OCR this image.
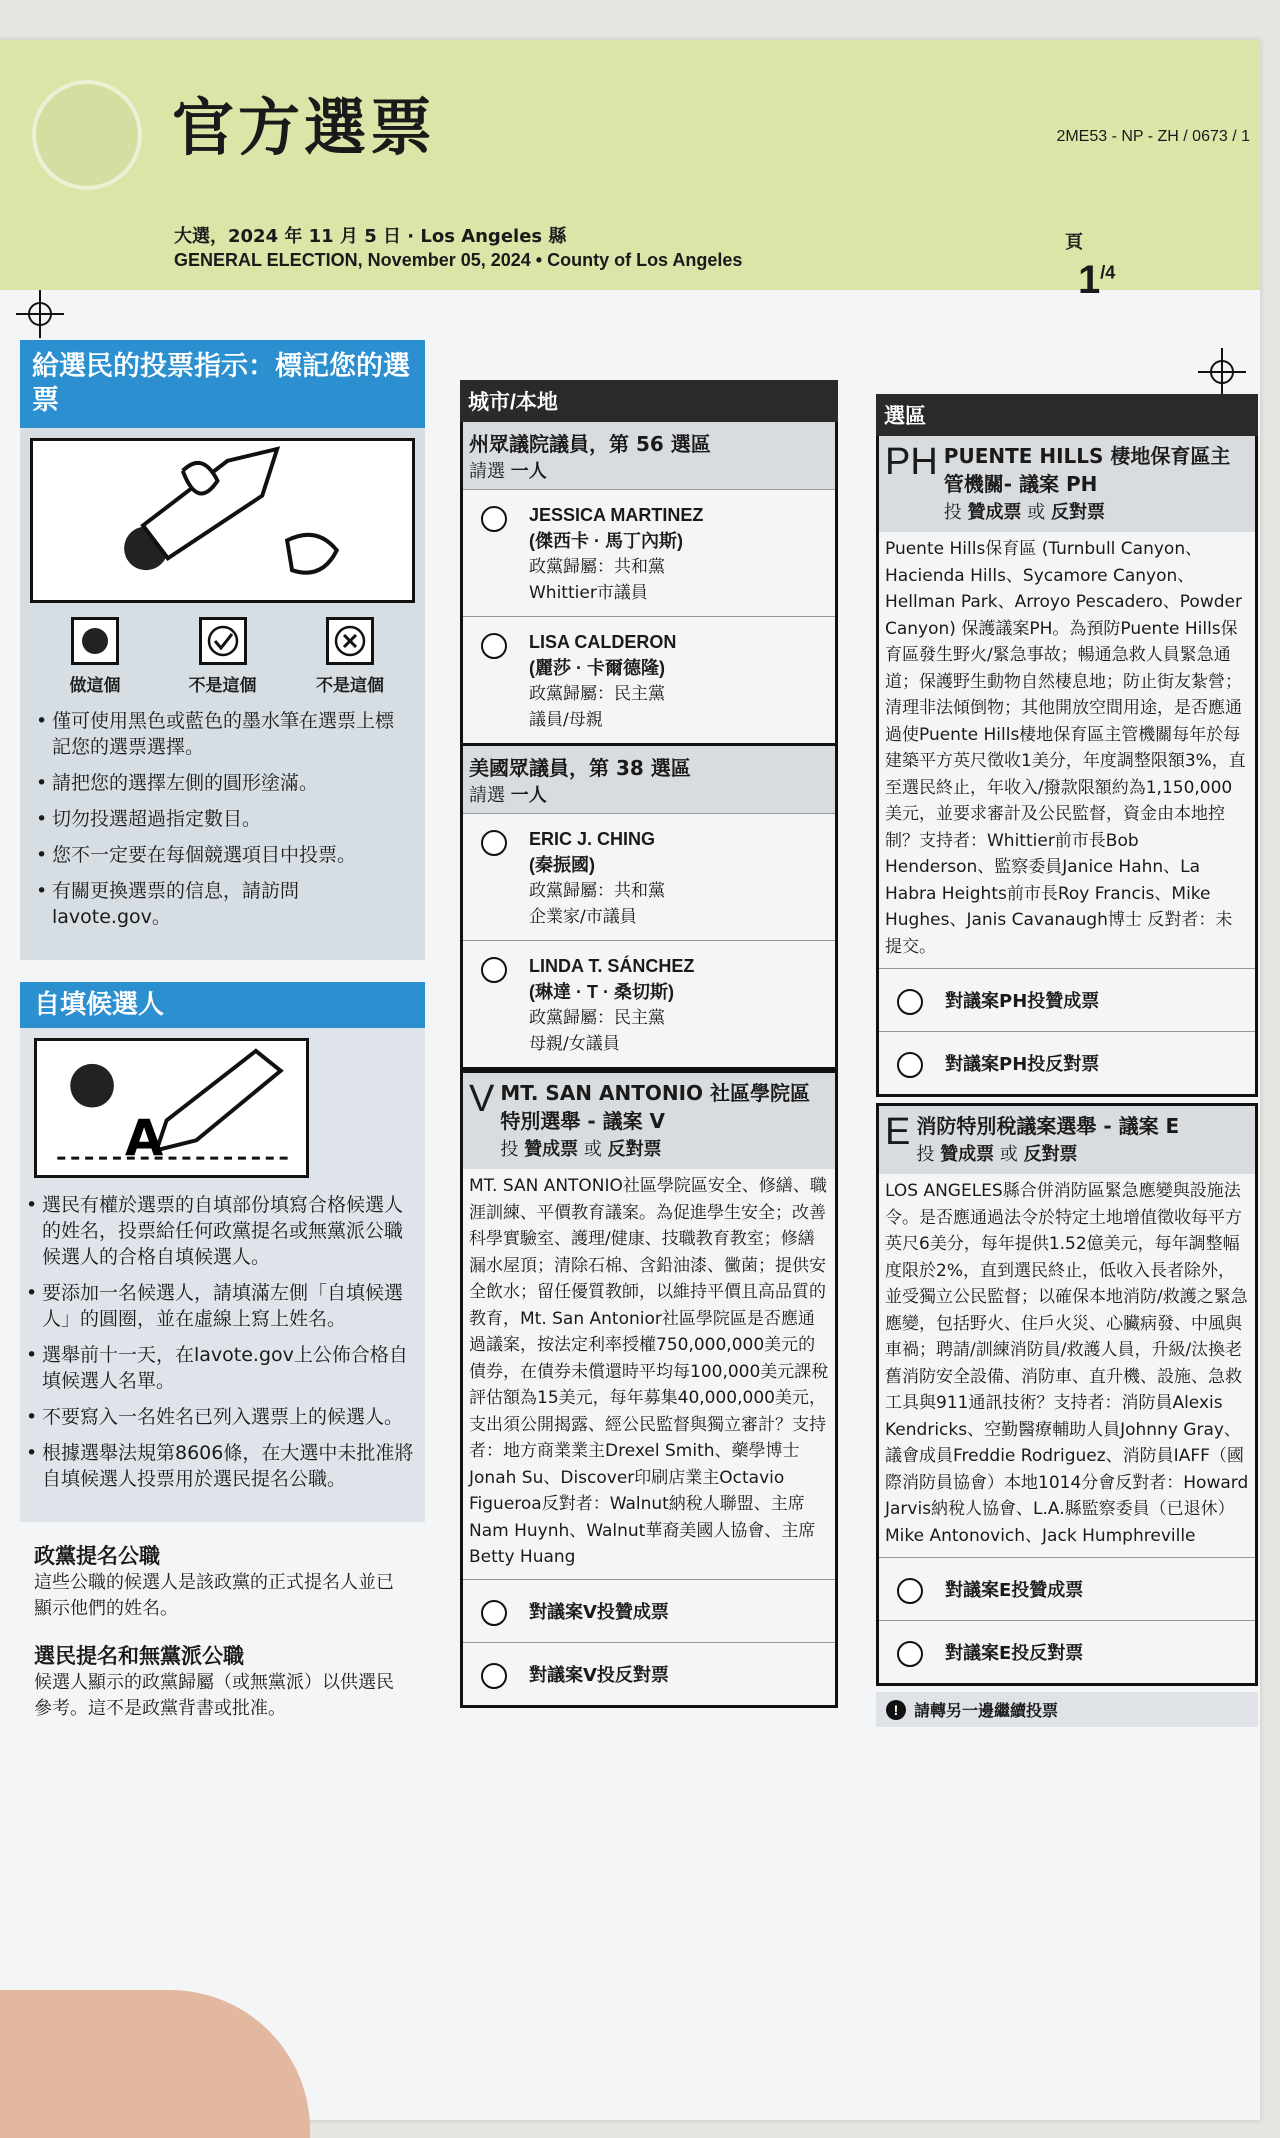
官方選票	2ME53 - NP - ZH / 0673 / 1
大選，2024 年 11 月 5 日 · Los Angeles 縣
GENERAL ELECTION, November 05, 2024 • County of Los Angeles
頁
$1^{/4}$
給選民的投票指示：標記您的選票
做這個	不是這個	不是這個
• 僅可使用黑色或藍色的墨水筆在選票上標記您的選票選擇。
• 請把您的選擇左側的圓形塗滿。
• 切勿投選超過指定數目。
• 您不一定要在每個競選項目中投票。
• 有關更換選票的信息，請訪問 lavote.gov。
自填候選人
A
• 選民有權於選票的自填部份填寫合格候選人的姓名，投票給任何政黨提名或無黨派公職候選人的合格自填候選人。
• 要添加一名候選人，請填滿左側「自填候選人」的圓圈，並在虛線上寫上姓名。
• 選舉前十一天，在lavote.gov上公佈合格自填候選人名單。
• 不要寫入一名姓名已列入選票上的候選人。
• 根據選舉法規第8606條，在大選中未批准將自填候選人投票用於選民提名公職。
政黨提名公職
這些公職的候選人是該政黨的正式提名人並已顯示他們的姓名。
選民提名和無黨派公職
候選人顯示的政黨歸屬（或無黨派）以供選民參考。這不是政黨背書或批准。
城市/本地
州眾議院議員，第 56 選區
請選 一人
JESSICA MARTINEZ
(傑西卡 · 馬丁內斯)
政黨歸屬：共和黨
Whittier市議員
LISA CALDERON
(麗莎 · 卡爾德隆)
政黨歸屬：民主黨
議員/母親
美國眾議員，第 38 選區
請選 一人
ERIC J. CHING
(秦振國)
政黨歸屬：共和黨
企業家/市議員
LINDA T. SÁNCHEZ
(琳達 · T · 桑切斯)
政黨歸屬：民主黨
母親/女議員
V MT. SAN ANTONIO 社區學院區特別選舉 - 議案 V
投 贊成票 或 反對票
MT. SAN ANTONIO社區學院區安全、修繕、職涯訓練、平價教育議案。為促進學生安全；改善科學實驗室、護理/健康、技職教育教室；修繕漏水屋頂；清除石棉、含鉛油漆、黴菌；提供安全飲水；留任優質教師，以維持平價且高品質的教育，Mt. San Antonior社區學院區是否應通過議案，按法定利率授權750,000,000美元的債券，在債券未償還時平均每100,000美元課稅評估額為15美元，每年募集40,000,000美元，支出須公開揭露、經公民監督與獨立審計？支持者：地方商業業主Drexel Smith、藥學博士Jonah Su、Discover印刷店業主Octavio Figueroa反對者：Walnut納稅人聯盟、主席Nam Huynh、Walnut華裔美國人協會、主席Betty Huang
對議案V投贊成票
對議案V投反對票
選區
PH PUENTE HILLS 棲地保育區主管機關- 議案 PH
投 贊成票 或 反對票
Puente Hills保育區 (Turnbull Canyon、Hacienda Hills、Sycamore Canyon、Hellman Park、Arroyo Pescadero、Powder Canyon) 保護議案PH。為預防Puente Hills保育區發生野火/緊急事故；暢通急救人員緊急通道；保護野生動物自然棲息地；防止街友紮營；清理非法傾倒物；其他開放空間用途，是否應通過使Puente Hills棲地保育區主管機關每年於每建築平方英尺徵收1美分，年度調整限額3%，直至選民終止，年收入/撥款限額約為1,150,000美元，並要求審計及公民監督，資金由本地控制？支持者：Whittier前市長Bob Henderson、監察委員Janice Hahn、La Habra Heights前市長Roy Francis、Mike Hughes、Janis Cavanaugh博士 反對者：未提交。
對議案PH投贊成票
對議案PH投反對票
E 消防特別稅議案選舉 - 議案 E
投 贊成票 或 反對票
LOS ANGELES縣合併消防區緊急應變與設施法令。是否應通過法令於特定土地增值徵收每平方英尺6美分，每年提供1.52億美元，每年調整幅度限於2%，直到選民終止，低收入長者除外，並受獨立公民監督；以確保本地消防/救護之緊急應變，包括野火、住戶火災、心臟病發、中風與車禍；聘請/訓練消防員/救護人員，升級/汰換老舊消防安全設備、消防車、直升機、設施、急救工具與911通訊技術？支持者：消防員Alexis Kendricks、空勤醫療輔助人員Johnny Gray、議會成員Freddie Rodriguez、消防員IAFF（國際消防員協會）本地1014分會反對者：Howard Jarvis納稅人協會、L.A.縣監察委員（已退休）Mike Antonovich、Jack Humphreville
對議案E投贊成票
對議案E投反對票
! 請轉另一邊繼續投票
